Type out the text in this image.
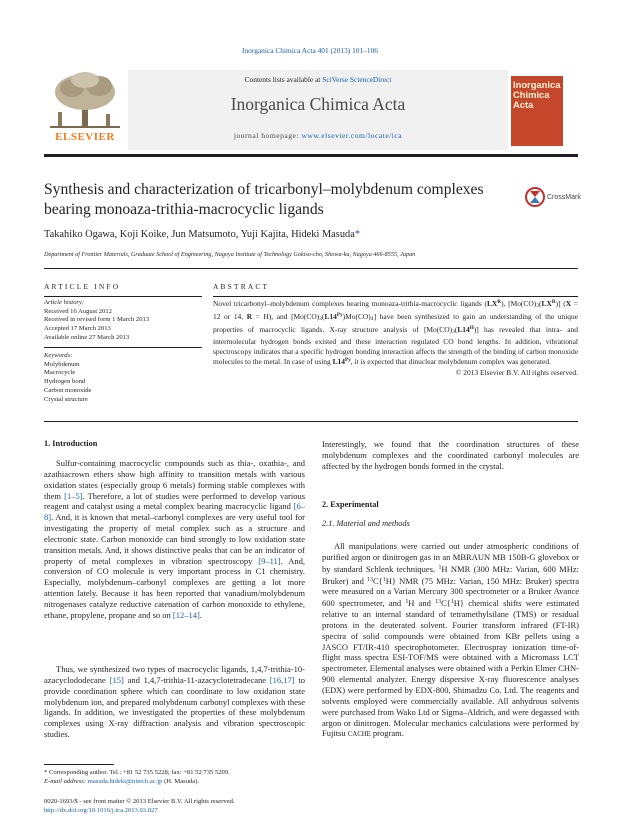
Inorganica Chimica Acta 401 (2013) 101–106
ELSEVIER
Contents lists available at SciVerse ScienceDirect
Inorganica Chimica Acta
journal homepage: www.elsevier.com/locate/ica
Inorganica
Chimica
Acta
Synthesis and characterization of tricarbonyl–molybdenum complexes
bearing monoaza-trithia-macrocyclic ligands
CrossMark
Takahiko Ogawa, Koji Koike, Jun Matsumoto, Yuji Kajita, Hideki Masuda*
Department of Frontier Materials, Graduate School of Engineering, Nagoya Institute of Technology Gokiso-cho, Showa-ku, Nagoya 466-8555, Japan
ARTICLE INFO
Article history:
Received 16 August 2012
Received in revised form 1 March 2013
Accepted 17 March 2013
Available online 27 March 2013
Keywords:
Molybdenum
Macrocycle
Hydrogen bond
Carbon monoxide
Crystal structure
ABSTRACT
Novel tricarbonyl–molybdenum complexes bearing monoaza-trithia-macrocyclic ligands $(LX^R)$, $[Mo(CO)3(LX^R)] (X = 12$ or 14, R = H), and $[Mo(CO)3(L14^{Py})Mo(CO)4]$ have been synthesized to gain an understanding of the unique properties of macrocyclic ligands. X-ray structure analysis of $[Mo(CO)3(L14^H)]$ has revealed that intra- and intermolecular hydrogen bonds existed and these interaction regulated CO bond lengths. In addition, vibrational spectroscopy indicates that a specific hydrogen bonding interaction affects the strength of the binding of carbon monoxide molecules to the metal. In case of using $L14^{Py}$, it is expected that dinuclear molybdenum complex was generated.
© 2013 Elsevier B.V. All rights reserved.
1. Introduction
Sulfur-containing macrocyclic compounds such as thia-, oxathia-, and azathiacrown ethers show high affinity to transition metals with various oxidation states (especially group 6 metals) forming stable complexes with them [1–5]. Therefore, a lot of studies were performed to develop various reagent and catalyst using a metal complex bearing macrocyclic ligand [6–8]. And, it is known that metal–carbonyl complexes are very useful tool for investigating the property of metal complex such as a structure and electronic state. Carbon monoxide can bind strongly to low oxidation state transition metals. And, it shows distinctive peaks that can be an indicator of property of metal complexes in vibration spectroscopy [9–11]. And, conversion of CO molecule is very important process in C1 chemistry. Especially, molybdenum–carbonyl complexes are getting a lot more attention lately. Because it has been reported that vanadium/molybdenum nitrogenases catalyze reductive catenation of carbon monoxide to ethylene, ethane, propylene, propane and so on [12–14].
Thus, we synthesized two types of macrocyclic ligands, 1,4,7-trithia-10-azacyclododecane [15] and 1,4,7-trithia-11-azacyclotetradecane [16,17] to provide coordination sphere which can coordinate to low oxidation state molybdenum ion, and prepared molybdenum carbonyl complexes with these ligands. In addition, we investigated the properties of these molybdenum complexes using X-ray diffraction analysis and vibration spectroscopic studies.
* Corresponding author. Tel.: +81 52 735 5228; fax: +81 52 735 5209.
E-mail address: masuda.hideki@nitech.ac.jp (H. Masuda).
0020-1693/$ - see front matter © 2013 Elsevier B.V. All rights reserved.
http://dx.doi.org/10.1016/j.ica.2013.03.027
Interestingly, we found that the coordination structures of these molybdenum complexes and the coordinated carbonyl molecules are affected by the hydrogen bonds formed in the crystal.
2. Experimental
2.1. Material and methods
All manipulations were carried out under atmospheric conditions of purified argon or dinitrogen gas in an MBRAUN MB 150B-G glovebox or by standard Schlenk techniques. $^1$H NMR (300 MHz: Varian, 600 MHz: Bruker) and $^{13}$C{$^1$H} NMR (75 MHz: Varian, 150 MHz: Bruker) spectra were measured on a Varian Mercury 300 spectrometer or a Bruker Avance 600 spectrometer, and $^1$H and $^{13}$C{$^1$H} chemical shifts were estimated relative to an internal standard of tetramethylsilane (TMS) or residual protons in the deuterated solvent. Fourier transform infrared (FT-IR) spectra of solid compounds were obtained from KBr pellets using a JASCO FT/IR-410 spectrophotometer. Electrospray ionization time-of-flight mass spectra ESI-TOF/MS were obtained with a Micromass LCT spectrometer. Elemental analyses were obtained with a Perkin Elmer CHN-900 elemental analyzer. Energy dispersive X-ray fluorescence analyses (EDX) were performed by EDX-800, Shimadzu Co. Ltd. The reagents and solvents employed were commercially available. All anhydrous solvents were purchased from Wako Ltd or Sigma–Aldrich, and were degassed with argon or dinitrogen. Molecular mechanics calculations were performed by Fujitsu CACHE program.
